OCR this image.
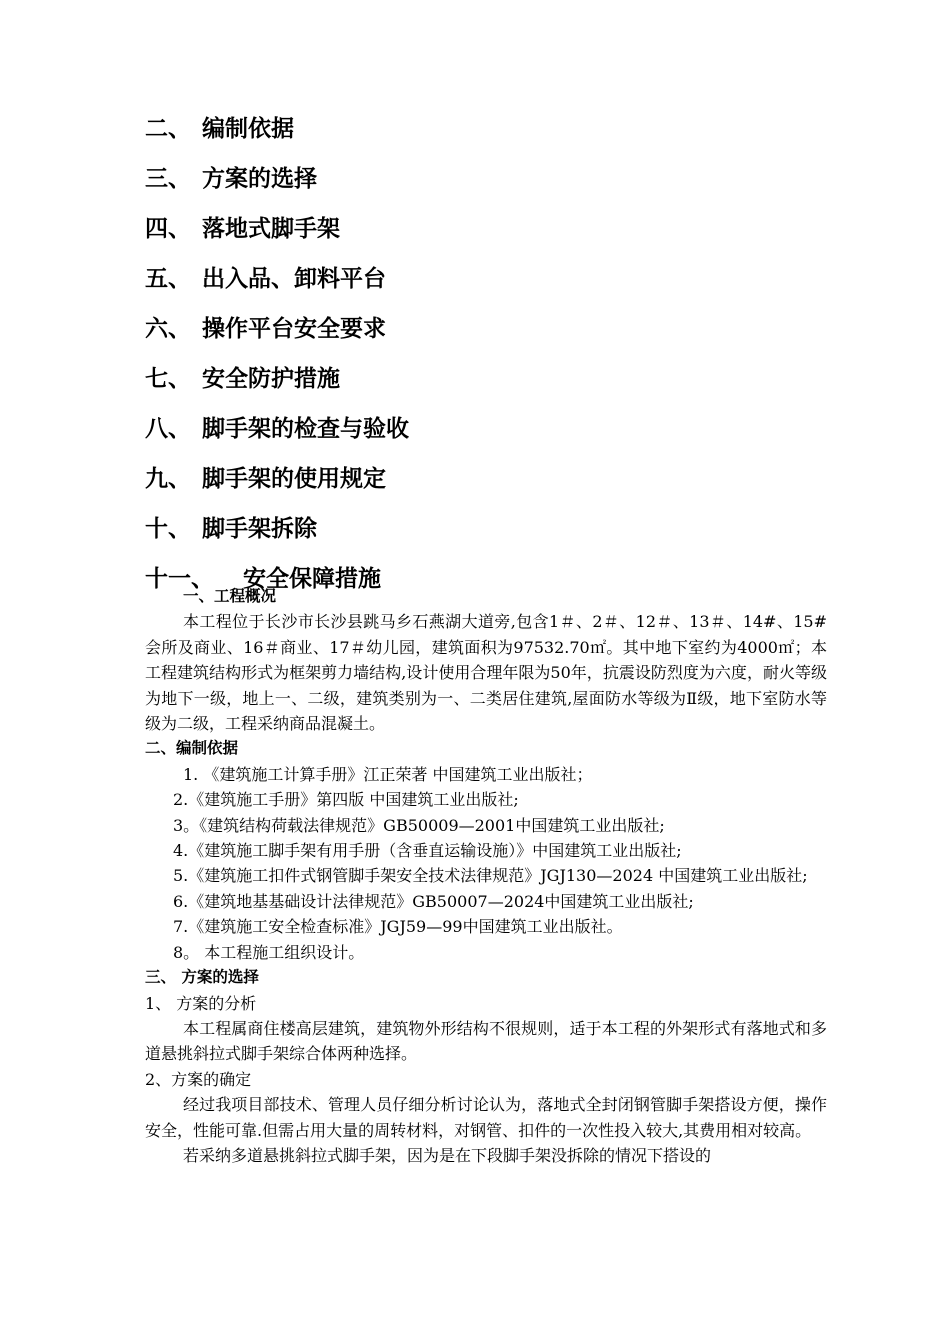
二、 编制依据
三、 方案的选择
四、 落地式脚手架
五、 出入品、卸料平台
六、 操作平台安全要求
七、 安全防护措施
八、 脚手架的检查与验收
九、 脚手架的使用规定
十、 脚手架拆除
十一、 安全保障措施

一、工程概况

本工程位于长沙市长沙县跳马乡石燕湖大道旁,包含1＃、2＃、12＃、13＃、14#、15#会所及商业、16＃商业、17＃幼儿园，建筑面积为97532.70㎡。其中地下室约为4000㎡；本工程建筑结构形式为框架剪力墙结构,设计使用合理年限为50年，抗震设防烈度为六度，耐火等级为地下一级，地上一、二级，建筑类别为一、二类居住建筑,屋面防水等级为Ⅱ级，地下室防水等级为二级，工程采纳商品混凝土。

二、编制依据

1. 《建筑施工计算手册》江正荣著 中国建筑工业出版社；

2.《建筑施工手册》第四版 中国建筑工业出版社;

3。《建筑结构荷载法律规范》GB50009—2001中国建筑工业出版社;

4.《建筑施工脚手架有用手册（含垂直运输设施）》中国建筑工业出版社;

5.《建筑施工扣件式钢管脚手架安全技术法律规范》JGJ130—2024 中国建筑工业出版社;

6.《建筑地基基础设计法律规范》GB50007—2024中国建筑工业出版社;

7.《建筑施工安全检查标准》JGJ59—99中国建筑工业出版社。

8。 本工程施工组织设计。

三、 方案的选择

1、 方案的分析

本工程属商住楼高层建筑，建筑物外形结构不很规则，适于本工程的外架形式有落地式和多道悬挑斜拉式脚手架综合体两种选择。

2、方案的确定

经过我项目部技术、管理人员仔细分析讨论认为，落地式全封闭钢管脚手架搭设方便，操作安全，性能可靠.但需占用大量的周转材料，对钢管、扣件的一次性投入较大,其费用相对较高。

若采纳多道悬挑斜拉式脚手架，因为是在下段脚手架没拆除的情况下搭设的
